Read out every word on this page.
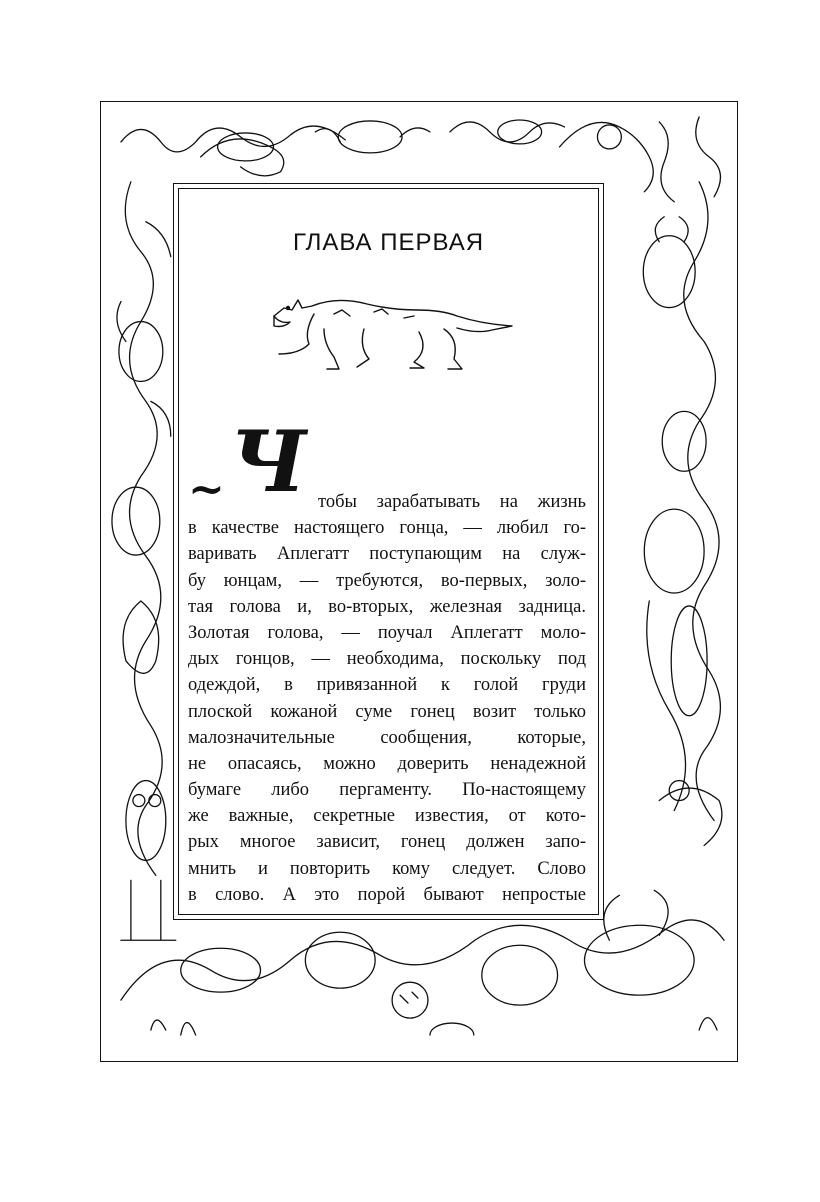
ГЛАВА ПЕРВАЯ
~ Ч тобы зарабатывать на жизнь
в качестве настоящего гонца, — любил го-
варивать Аплегатт поступающим на служ-
бу юнцам, — требуются, во-первых, золо-
тая голова и, во-вторых, железная задница.
Золотая голова, — поучал Аплегатт моло-
дых гонцов, — необходима, поскольку под
одеждой, в привязанной к голой груди
плоской кожаной суме гонец возит только
малозначительные сообщения, которые,
не опасаясь, можно доверить ненадежной
бумаге либо пергаменту. По-настоящему
же важные, секретные известия, от кото-
рых многое зависит, гонец должен запо-
мнить и повторить кому следует. Слово
в слово. А это порой бывают непростые
